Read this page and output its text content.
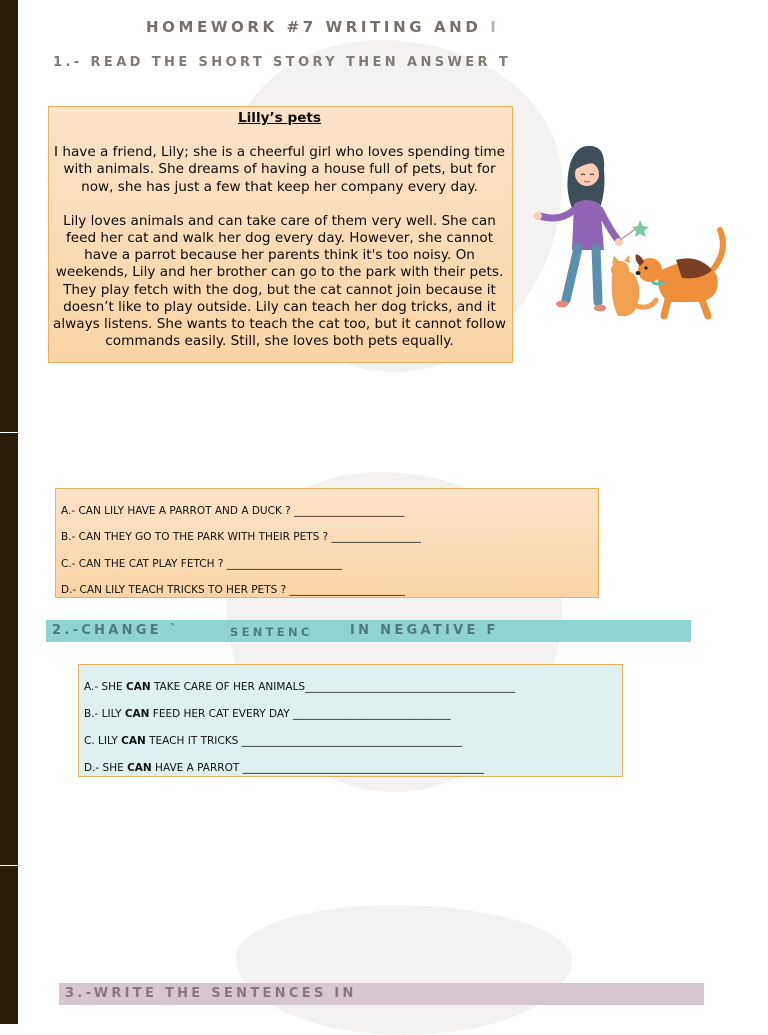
HOMEWORK #7 WRITING AND I
1.- READ THE SHORT STORY THEN ANSWER T
Lilly’s pets

I have a friend, Lily; she is a cheerful girl who loves spending time with animals. She dreams of having a house full of pets, but for now, she has just a few that keep her company every day.

Lily loves animals and can take care of them very well. She can feed her cat and walk her dog every day. However, she cannot have a parrot because her parents think it's too noisy. On weekends, Lily and her brother can go to the park with their pets. They play fetch with the dog, but the cat cannot join because it doesn’t like to play outside. Lily can teach her dog tricks, and it always listens. She wants to teach the cat too, but it cannot follow commands easily. Still, she loves both pets equally.

A.- CAN LILY HAVE A PARROT AND A DUCK ? _____________________
B.- CAN THEY GO TO THE PARK WITH THEIR PETS ? _________________
C.- CAN THE CAT PLAY FETCH ? ______________________
D.- CAN LILY TEACH TRICKS TO HER PETS ? ______________________
2.-CHANGE `	SENTENC	IN NEGATIVE F
A.- SHE CAN TAKE CARE OF HER ANIMALS________________________________________
B.- LILY CAN FEED HER CAT EVERY DAY ______________________________
C. LILY CAN TEACH IT TRICKS __________________________________________
D.- SHE CAN HAVE A PARROT ______________________________________________
3.-WRITE THE SENTENCES IN
